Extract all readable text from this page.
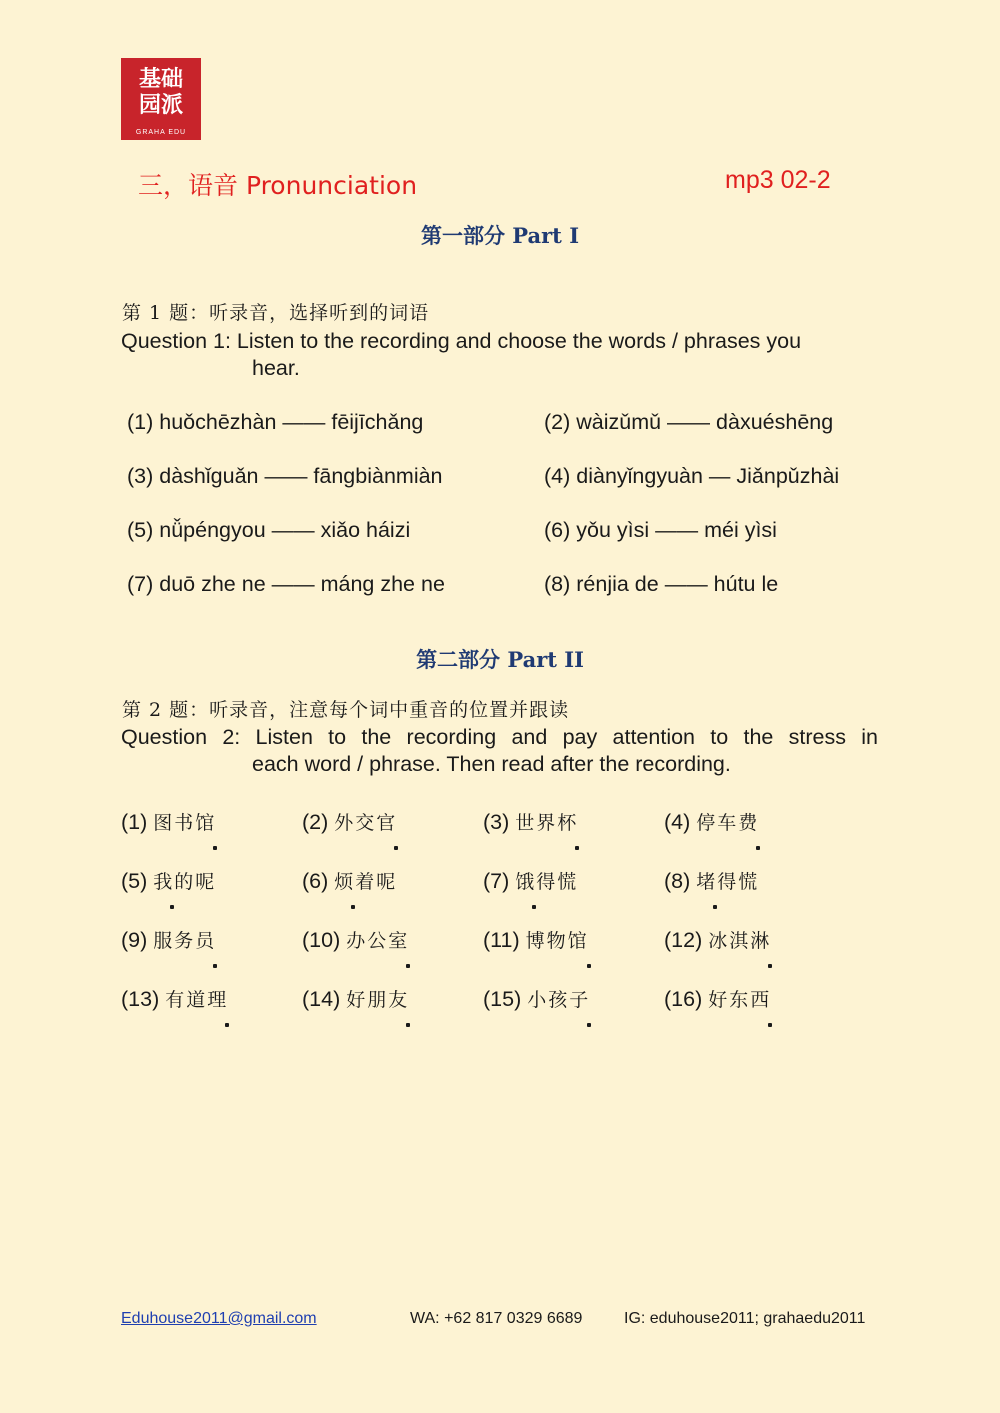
基础
园派
GRAHA EDU
三，语音 Pronunciation	mp3 02-2
第一部分 Part I
第 1 题：听录音，选择听到的词语
Question 1: Listen to the recording and choose the words / phrases you
hear.
(1) huǒchēzhàn —— fēijīchǎng	(2) wàizǔmǔ —— dàxuéshēng
(3) dàshǐguǎn —— fāngbiànmiàn	(4) diànyǐngyuàn — Jiǎnpǔzhài
(5) nǚpéngyou —— xiǎo háizi	(6) yǒu yìsi —— méi yìsi
(7) duō zhe ne —— máng zhe ne	(8) rénjia de —— hútu le
第二部分 Part II
第 2 题：听录音，注意每个词中重音的位置并跟读
Question 2: Listen to the recording and pay attention to the stress in
each word / phrase. Then read after the recording.
(1) 图书馆	(2) 外交官	(3) 世界杯	(4) 停车费
(5) 我的呢	(6) 烦着呢	(7) 饿得慌	(8) 堵得慌
(9) 服务员	(10) 办公室	(11) 博物馆	(12) 冰淇淋
(13) 有道理	(14) 好朋友	(15) 小孩子	(16) 好东西
Eduhouse2011@gmail.com	WA: +62 817 0329 6689	IG: eduhouse2011; grahaedu2011
